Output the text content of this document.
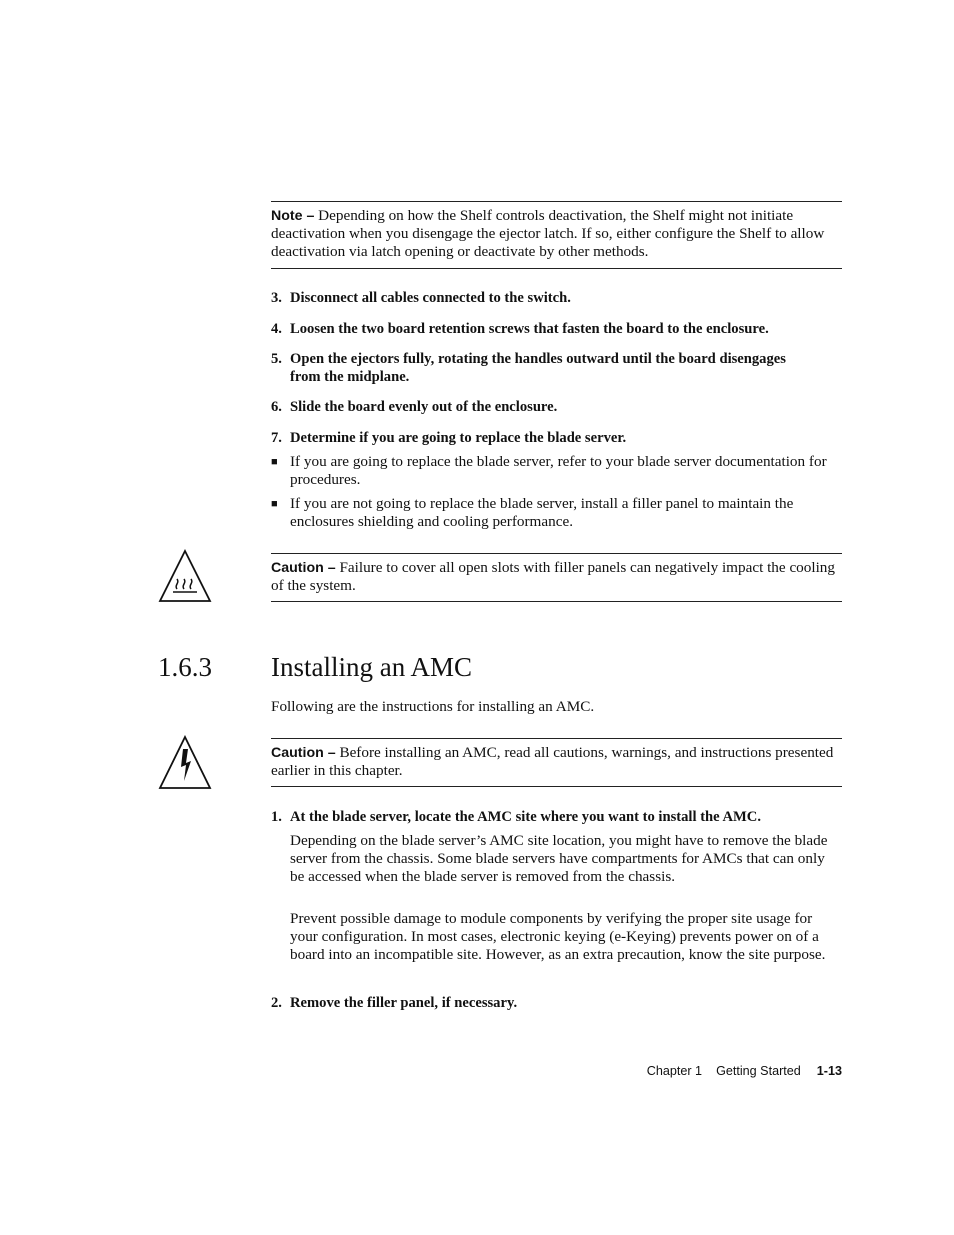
Note – Depending on how the Shelf controls deactivation, the Shelf might not initiate deactivation when you disengage the ejector latch. If so, either configure the Shelf to allow deactivation via latch opening or deactivate by other methods.
3. Disconnect all cables connected to the switch.
4. Loosen the two board retention screws that fasten the board to the enclosure.
5. Open the ejectors fully, rotating the handles outward until the board disengages from the midplane.
6. Slide the board evenly out of the enclosure.
7. Determine if you are going to replace the blade server.
■ If you are going to replace the blade server, refer to your blade server documentation for procedures.
■ If you are not going to replace the blade server, install a filler panel to maintain the enclosures shielding and cooling performance.
Caution – Failure to cover all open slots with filler panels can negatively impact the cooling of the system.
1.6.3 Installing an AMC
Following are the instructions for installing an AMC.
Caution – Before installing an AMC, read all cautions, warnings, and instructions presented earlier in this chapter.
1. At the blade server, locate the AMC site where you want to install the AMC.
Depending on the blade server’s AMC site location, you might have to remove the blade server from the chassis. Some blade servers have compartments for AMCs that can only be accessed when the blade server is removed from the chassis.
Prevent possible damage to module components by verifying the proper site usage for your configuration. In most cases, electronic keying (e-Keying) prevents power on of a board into an incompatible site. However, as an extra precaution, know the site purpose.
2. Remove the filler panel, if necessary.
Chapter 1 Getting Started 1-13
